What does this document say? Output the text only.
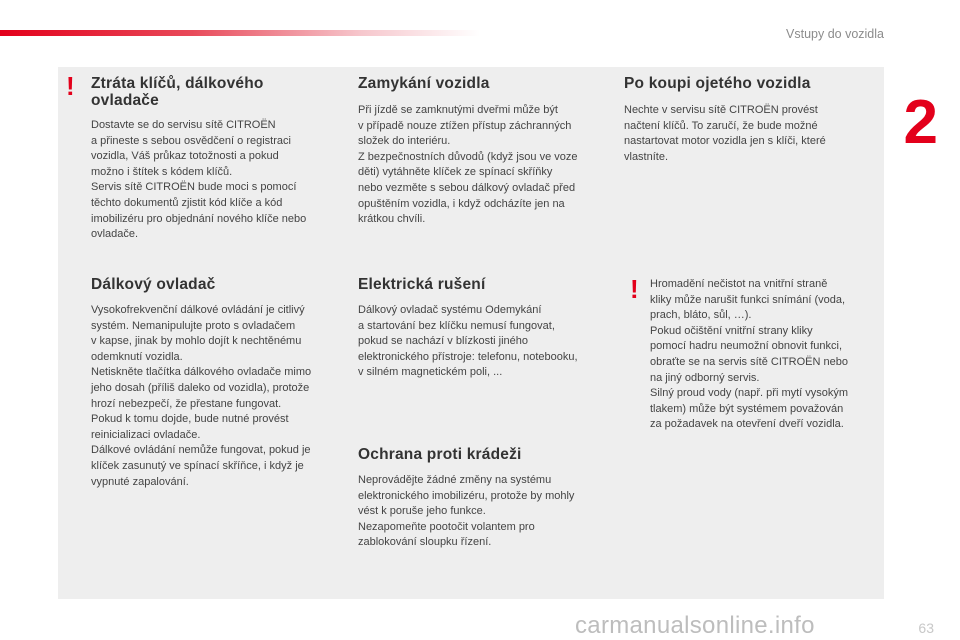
Vstupy do vozidla
2
! Ztráta klíčů, dálkového
ovladače

Dostavte se do servisu sítě CITROËN
a přineste s sebou osvědčení o registraci
vozidla, Váš průkaz totožnosti a pokud
možno i štítek s kódem klíčů.
Servis sítě CITROËN bude moci s pomocí
těchto dokumentů zjistit kód klíče a kód
imobilizéru pro objednání nového klíče nebo
ovladače.

Dálkový ovladač

Vysokofrekvenční dálkové ovládání je citlivý
systém. Nemanipulujte proto s ovladačem
v kapse, jinak by mohlo dojít k nechtěnému
odemknutí vozidla.
Netiskněte tlačítka dálkového ovladače mimo
jeho dosah (příliš daleko od vozidla), protože
hrozí nebezpečí, že přestane fungovat.
Pokud k tomu dojde, bude nutné provést
reinicializaci ovladače.
Dálkové ovládání nemůže fungovat, pokud je
klíček zasunutý ve spínací skříňce, i když je
vypnuté zapalování.

Zamykání vozidla

Při jízdě se zamknutými dveřmi může být
v případě nouze ztížen přístup záchranných
složek do interiéru.
Z bezpečnostních důvodů (když jsou ve voze
děti) vytáhněte klíček ze spínací skříňky
nebo vezměte s sebou dálkový ovladač před
opuštěním vozidla, i když odcházíte jen na
krátkou chvíli.

Elektrická rušení

Dálkový ovladač systému Odemykání
a startování bez klíčku nemusí fungovat,
pokud se nachází v blízkosti jiného
elektronického přístroje: telefonu, notebooku,
v silném magnetickém poli, ...

Ochrana proti krádeži

Neprovádějte žádné změny na systému
elektronického imobilizéru, protože by mohly
vést k poruše jeho funkce.
Nezapomeňte pootočit volantem pro
zablokování sloupku řízení.

Po koupi ojetého vozidla

Nechte v servisu sítě CITROËN provést
načtení klíčů. To zaručí, že bude možné
nastartovat motor vozidla jen s klíči, které
vlastníte.

! Hromadění nečistot na vnitřní straně
kliky může narušit funkci snímání (voda,
prach, bláto, sůl, …).
Pokud očištění vnitřní strany kliky
pomocí hadru neumožní obnovit funkci,
obraťte se na servis sítě CITROËN nebo
na jiný odborný servis.
Silný proud vody (např. při mytí vysokým
tlakem) může být systémem považován
za požadavek na otevření dveří vozidla.

63
carmanualsonline.info
